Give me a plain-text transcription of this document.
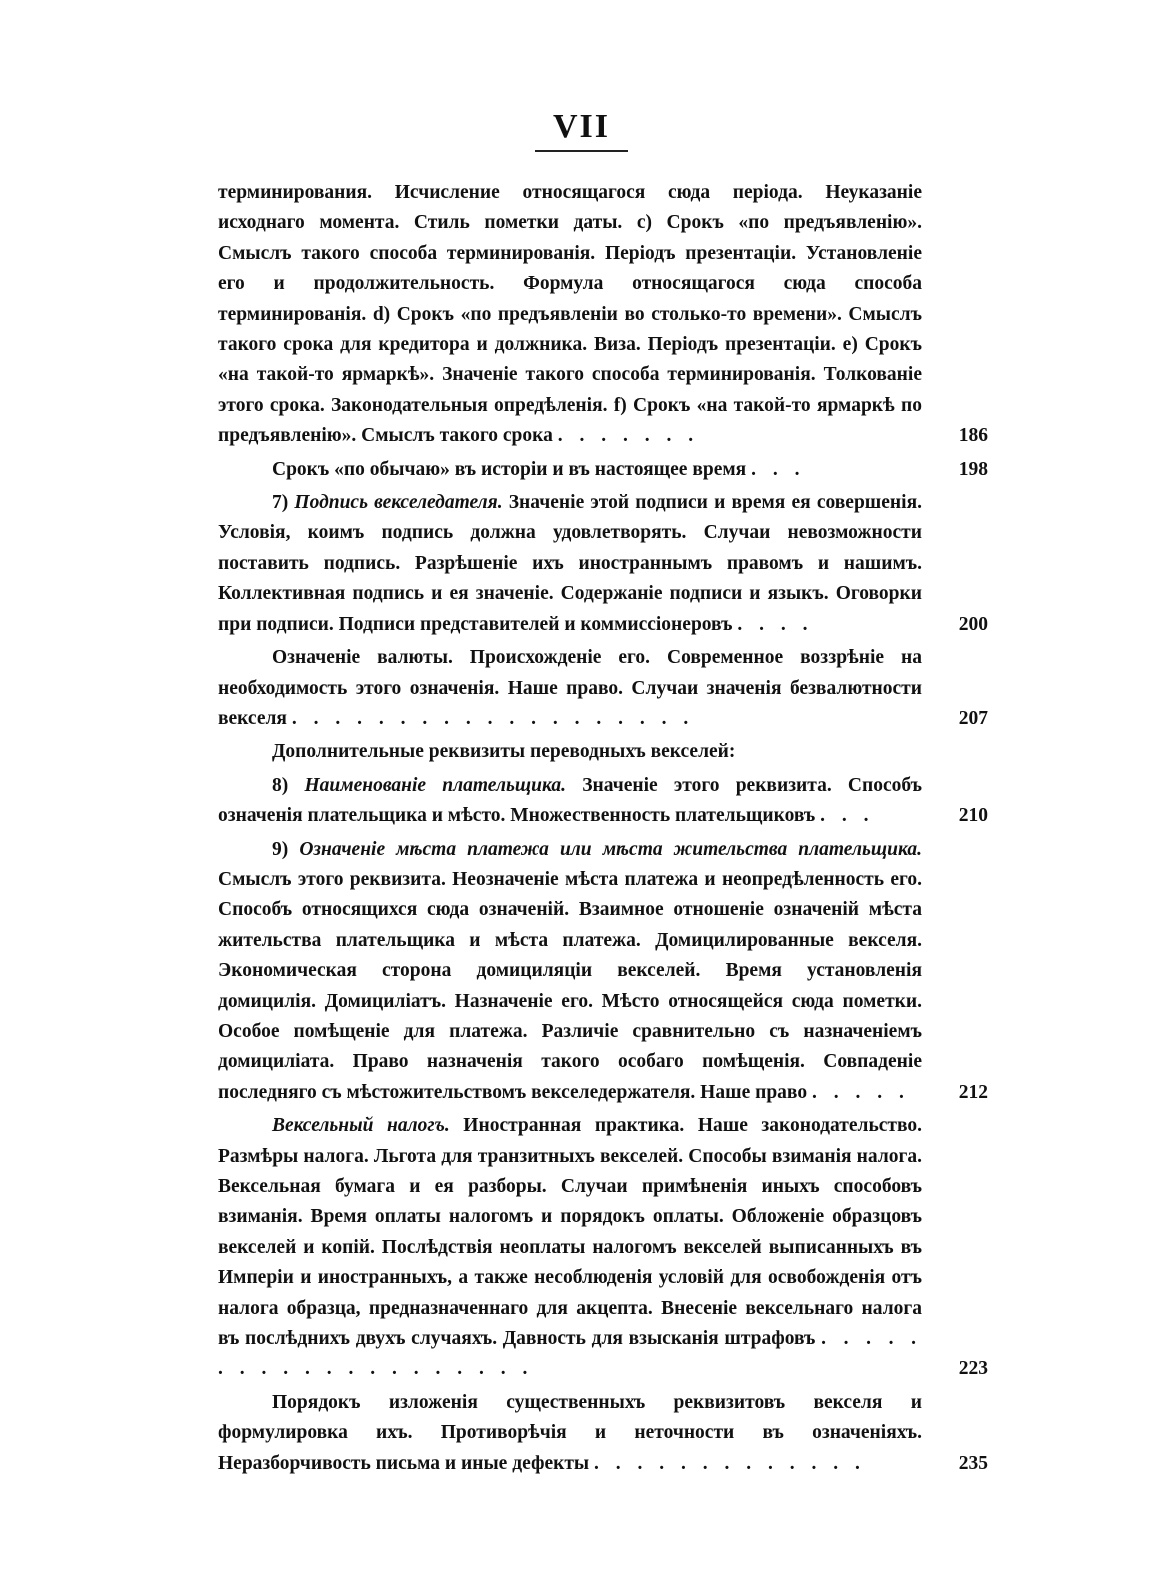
VII
терминирования. Исчисление относящагося сюда періода. Неуказаніе исходнаго момента. Стиль пометки даты. с) Срокъ «по предъявленію». Смыслъ такого способа терминированія. Періодъ презентаціи. Установленіе его и продолжительность. Формула относящагося сюда способа терминированія. d) Срокъ «по предъявленіи во столько-то времени». Смыслъ такого срока для кредитора и должника. Виза. Періодъ презентаціи. е) Срокъ «на такой-то ярмаркѣ». Значеніе такого способа терминированія. Толкованіе этого срока. Законодательныя опредѣленія. f) Срокъ «на такой-то ярмаркѣ по предъявленію». Смыслъ такого срока . . . . . . .	186
Срокъ «по обычаю» въ исторіи и въ настоящее время . . .	198
7) Подпись векселедателя. Значеніе этой подписи и время ея совершенія. Условія, коимъ подпись должна удовлетворять. Случаи невозможности поставить подпись. Разрѣшеніе ихъ иностраннымъ правомъ и нашимъ. Коллективная подпись и ея значеніе. Содержаніе подписи и языкъ. Оговорки при подписи. Подписи представителей и коммиссіонеровъ . . . .	200
Означеніе валюты. Происхожденіе его. Современное воззрѣніе на необходимость этого означенія. Наше право. Случаи значенія безвалютности векселя . . . . . . . . . . . . . . . . . . .	207
Дополнительные реквизиты переводныхъ векселей:
8) Наименованіе плательщика. Значеніе этого реквизита. Способъ означенія плательщика и мѣсто. Множественность плательщиковъ . . .	210
9) Означеніе мѣста платежа или мѣста жительства плательщика. Смыслъ этого реквизита. Неозначеніе мѣста платежа и неопредѣленность его. Способъ относящихся сюда означеній. Взаимное отношеніе означеній мѣста жительства плательщика и мѣста платежа. Домицилированные векселя. Экономическая сторона домициляціи векселей. Время установленія домицилія. Домициліатъ. Назначеніе его. Мѣсто относящейся сюда пометки. Особое помѣщеніе для платежа. Различіе сравнительно съ назначеніемъ домициліата. Право назначенія такого особаго помѣщенія. Совпаденіе последняго съ мѣстожительствомъ векселедержателя. Наше право . . . . .	212
Вексельный налогъ. Иностранная практика. Наше законодательство. Размѣры налога. Льгота для транзитныхъ векселей. Способы взиманія налога. Вексельная бумага и ея разборы. Случаи примѣненія иныхъ способовъ взиманія. Время оплаты налогомъ и порядокъ оплаты. Обложеніе образцовъ векселей и копій. Послѣдствія неоплаты налогомъ векселей выписанныхъ въ Имперіи и иностранныхъ, а также несоблюденія условій для освобожденія отъ налога образца, предназначеннаго для акцепта. Внесеніе вексельнаго налога въ послѣднихъ двухъ случаяхъ. Давность для взысканія штрафовъ . . . . . . . . . . . . . . . . . . . .	223
Порядокъ изложенія существенныхъ реквизитовъ векселя и формулировка ихъ. Противорѣчія и неточности въ означеніяхъ. Неразборчивость письма и иные дефекты . . . . . . . . . . . . .	235
